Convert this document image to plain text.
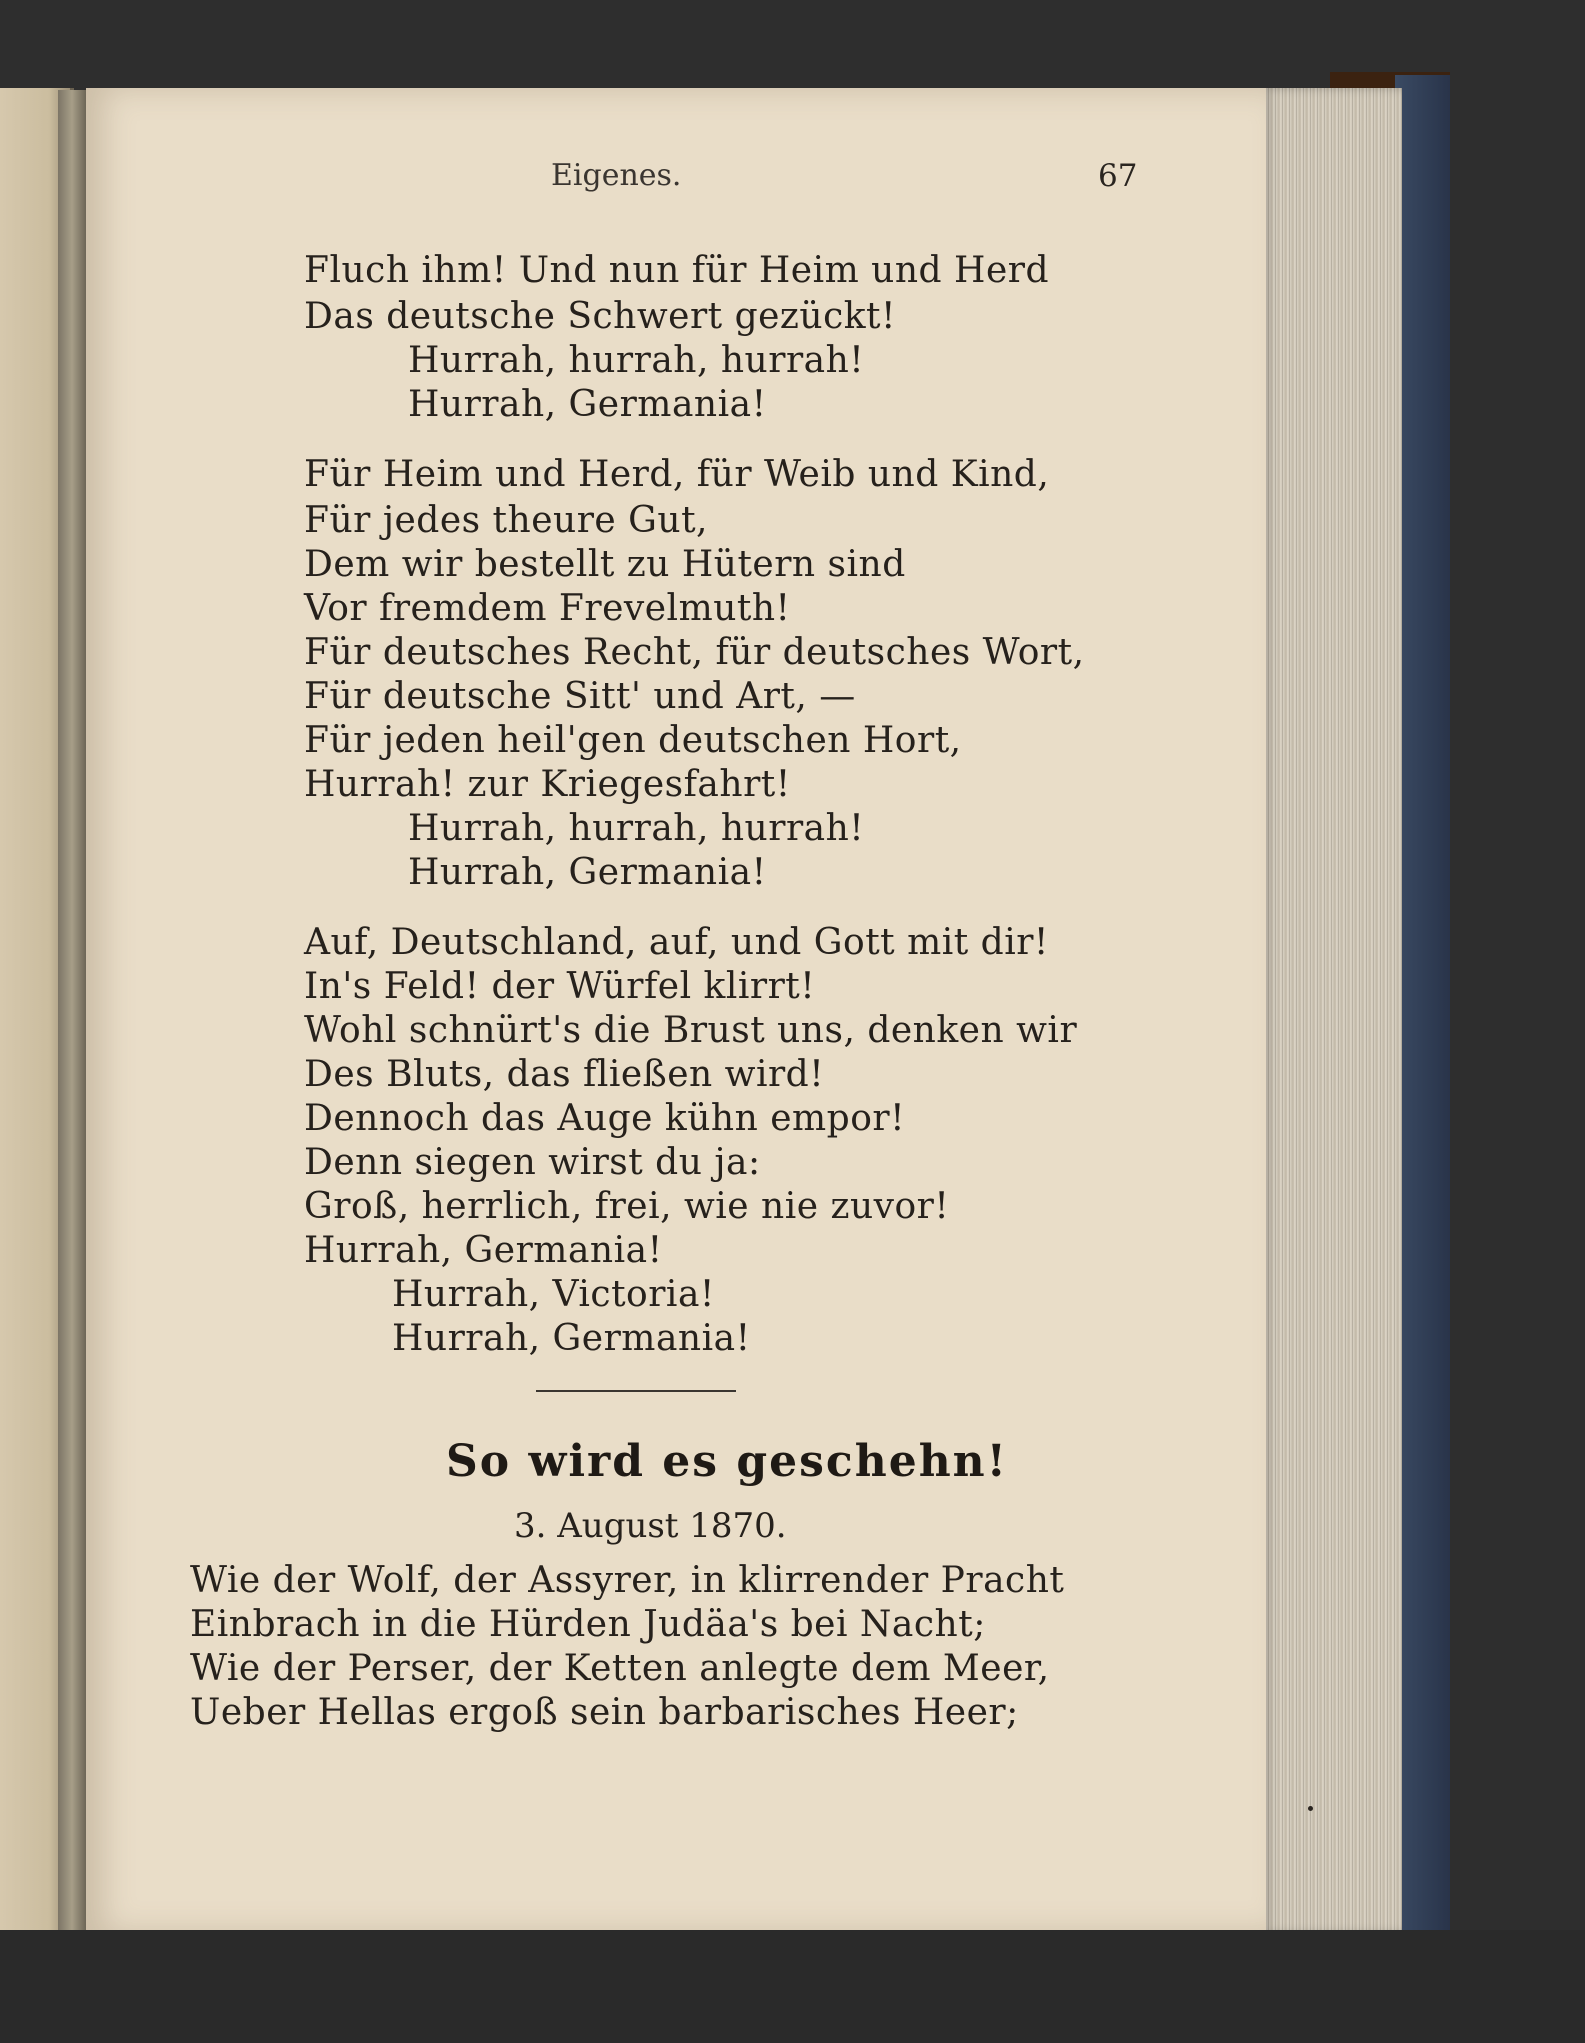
Eigenes.	67
Fluch ihm! Und nun für Heim und Herd
Das deutsche Schwert gezückt!
Hurrah, hurrah, hurrah!
Hurrah, Germania!
Für Heim und Herd, für Weib und Kind,
Für jedes theure Gut,
Dem wir bestellt zu Hütern sind
Vor fremdem Frevelmuth!
Für deutsches Recht, für deutsches Wort,
Für deutsche Sitt' und Art, —
Für jeden heil'gen deutschen Hort,
Hurrah! zur Kriegesfahrt!
Hurrah, hurrah, hurrah!
Hurrah, Germania!
Auf, Deutschland, auf, und Gott mit dir!
In's Feld! der Würfel klirrt!
Wohl schnürt's die Brust uns, denken wir
Des Bluts, das fließen wird!
Dennoch das Auge kühn empor!
Denn siegen wirst du ja:
Groß, herrlich, frei, wie nie zuvor!
Hurrah, Germania!
Hurrah, Victoria!
Hurrah, Germania!
So wird es geschehn!
3. August 1870.
Wie der Wolf, der Assyrer, in klirrender Pracht
Einbrach in die Hürden Judäa's bei Nacht;
Wie der Perser, der Ketten anlegte dem Meer,
Ueber Hellas ergoß sein barbarisches Heer;
